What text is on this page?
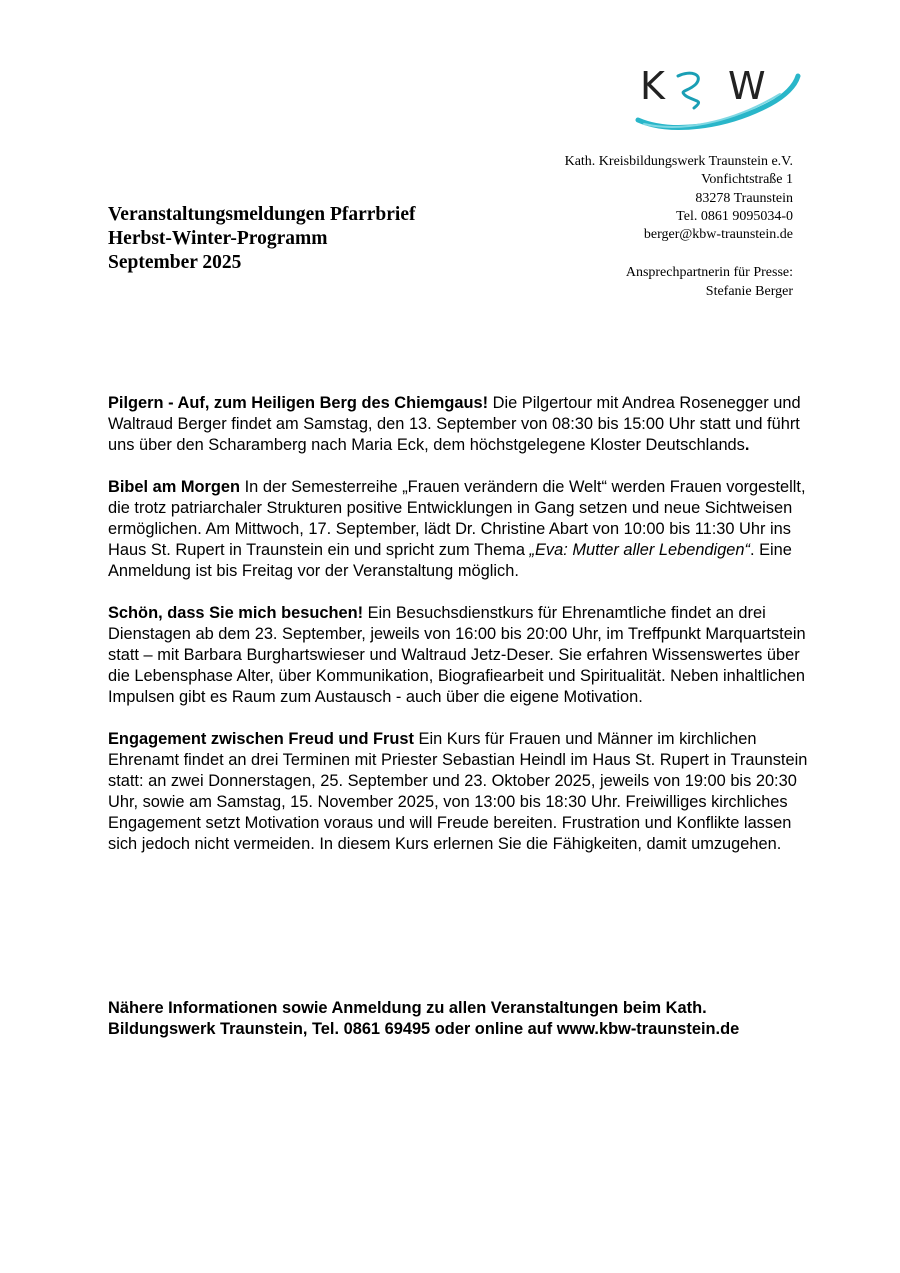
K W
Kath. Kreisbildungswerk Traunstein e.V.
Vonfichtstraße 1
83278 Traunstein
Tel. 0861 9095034-0
berger@kbw-traunstein.de
Ansprechpartnerin für Presse:
Stefanie Berger
Veranstaltungsmeldungen Pfarrbrief
Herbst-Winter-Programm
September 2025

Pilgern - Auf, zum Heiligen Berg des Chiemgaus! Die Pilgertour mit Andrea Rosenegger und Waltraud Berger findet am Samstag, den 13. September von 08:30 bis 15:00 Uhr statt und führt uns über den Scharamberg nach Maria Eck, dem höchstgelegene Kloster Deutschlands.

Bibel am Morgen In der Semesterreihe „Frauen verändern die Welt“ werden Frauen vorgestellt, die trotz patriarchaler Strukturen positive Entwicklungen in Gang setzen und neue Sichtweisen ermöglichen. Am Mittwoch, 17. September, lädt Dr. Christine Abart von 10:00 bis 11:30 Uhr ins Haus St. Rupert in Traunstein ein und spricht zum Thema „Eva: Mutter aller Lebendigen“. Eine Anmeldung ist bis Freitag vor der Veranstaltung möglich.

Schön, dass Sie mich besuchen! Ein Besuchsdienstkurs für Ehrenamtliche findet an drei Dienstagen ab dem 23. September, jeweils von 16:00 bis 20:00 Uhr, im Treffpunkt Marquartstein statt – mit Barbara Burghartswieser und Waltraud Jetz-Deser. Sie erfahren Wissenswertes über die Lebensphase Alter, über Kommunikation, Biografiearbeit und Spiritualität. Neben inhaltlichen Impulsen gibt es Raum zum Austausch - auch über die eigene Motivation.

Engagement zwischen Freud und Frust Ein Kurs für Frauen und Männer im kirchlichen Ehrenamt findet an drei Terminen mit Priester Sebastian Heindl im Haus St. Rupert in Traunstein statt: an zwei Donnerstagen, 25. September und 23. Oktober 2025, jeweils von 19:00 bis 20:30 Uhr, sowie am Samstag, 15. November 2025, von 13:00 bis 18:30 Uhr. Freiwilliges kirchliches Engagement setzt Motivation voraus und will Freude bereiten. Frustration und Konflikte lassen sich jedoch nicht vermeiden. In diesem Kurs erlernen Sie die Fähigkeiten, damit umzugehen.

Nähere Informationen sowie Anmeldung zu allen Veranstaltungen beim Kath. Bildungswerk Traunstein, Tel. 0861 69495 oder online auf www.kbw-traunstein.de
